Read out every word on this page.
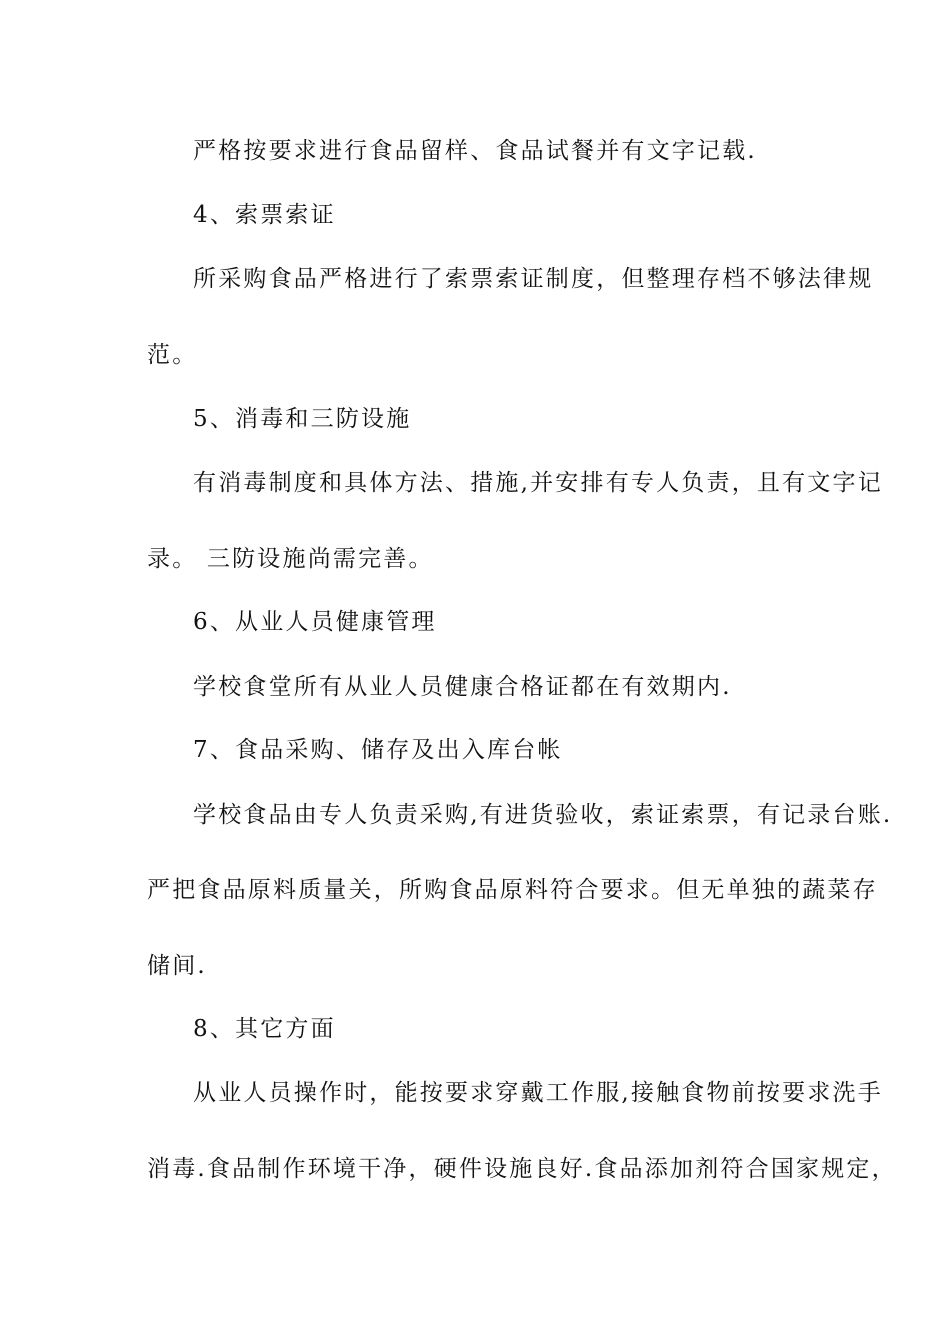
严格按要求进行食品留样、食品试餐并有文字记载.
4、索票索证
所采购食品严格进行了索票索证制度，但整理存档不够法律规
范。
5、消毒和三防设施
有消毒制度和具体方法、措施,并安排有专人负责，且有文字记
录。 三防设施尚需完善。
6、从业人员健康管理
学校食堂所有从业人员健康合格证都在有效期内.
7、食品采购、储存及出入库台帐
学校食品由专人负责采购,有进货验收，索证索票，有记录台账.
严把食品原料质量关，所购食品原料符合要求。但无单独的蔬菜存
储间.
8、其它方面
从业人员操作时，能按要求穿戴工作服,接触食物前按要求洗手
消毒.食品制作环境干净，硬件设施良好.食品添加剂符合国家规定，
